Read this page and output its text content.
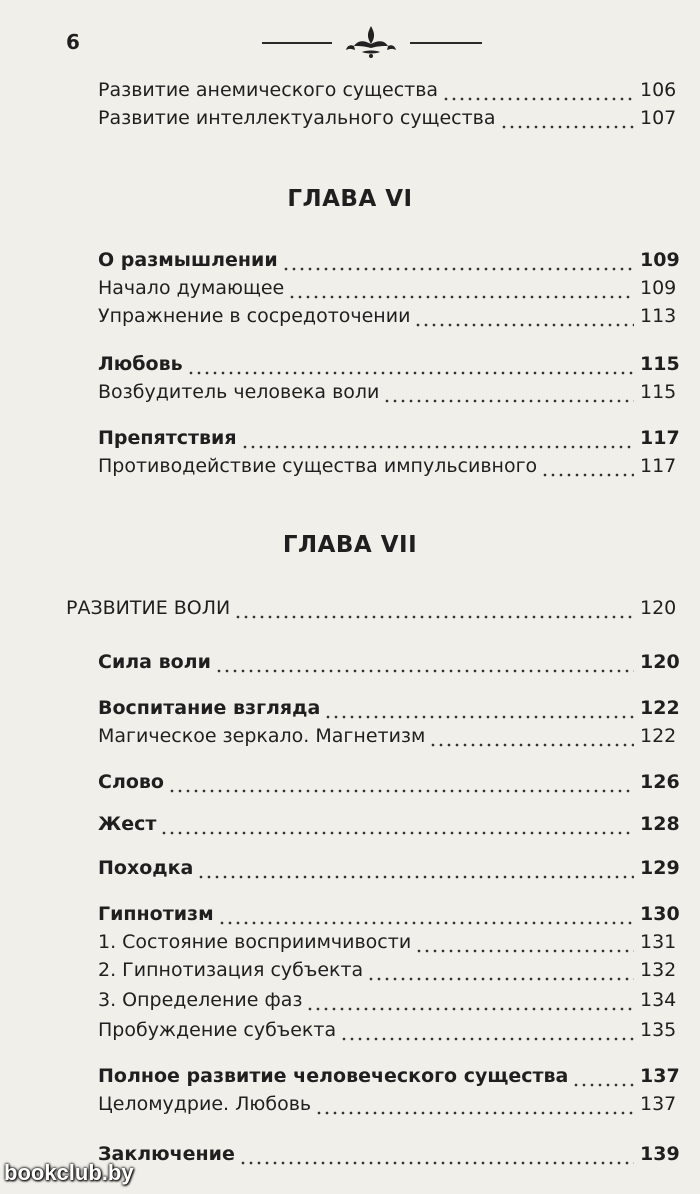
6
Развитие анемического существа	106
Развитие интеллектуального существа	107
ГЛАВА VI
О размышлении	109
Начало думающее	109
Упражнение в сосредоточении	113
Любовь	115
Возбудитель человека воли	115
Препятствия	117
Противодействие существа импульсивного	117
ГЛАВА VII
РАЗВИТИЕ ВОЛИ	120
Сила воли	120
Воспитание взгляда	122
Магическое зеркало. Магнетизм	122
Слово	126
Жест	128
Походка	129
Гипнотизм	130
1. Состояние восприимчивости	131
2. Гипнотизация субъекта	132
3. Определение фаз	134
Пробуждение субъекта	135
Полное развитие человеческого существа	137
Целомудрие. Любовь	137
Заключение	139
bookclub.by
